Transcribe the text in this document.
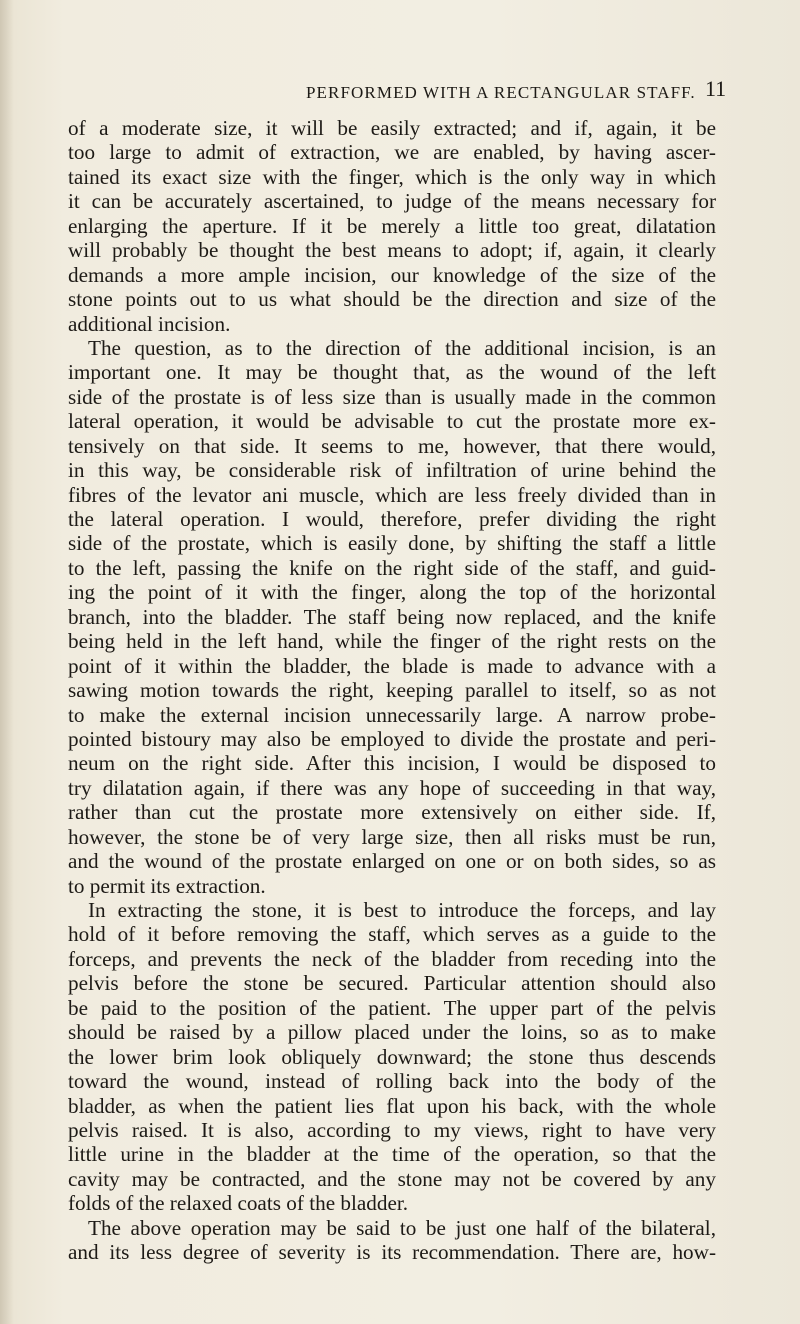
PERFORMED WITH A RECTANGULAR STAFF. 11
of a moderate size, it will be easily extracted; and if, again, it be
too large to admit of extraction, we are enabled, by having ascer-
tained its exact size with the finger, which is the only way in which
it can be accurately ascertained, to judge of the means necessary for
enlarging the aperture. If it be merely a little too great, dilatation
will probably be thought the best means to adopt; if, again, it clearly
demands a more ample incision, our knowledge of the size of the
stone points out to us what should be the direction and size of the
additional incision.
The question, as to the direction of the additional incision, is an
important one. It may be thought that, as the wound of the left
side of the prostate is of less size than is usually made in the common
lateral operation, it would be advisable to cut the prostate more ex-
tensively on that side. It seems to me, however, that there would,
in this way, be considerable risk of infiltration of urine behind the
fibres of the levator ani muscle, which are less freely divided than in
the lateral operation. I would, therefore, prefer dividing the right
side of the prostate, which is easily done, by shifting the staff a little
to the left, passing the knife on the right side of the staff, and guid-
ing the point of it with the finger, along the top of the horizontal
branch, into the bladder. The staff being now replaced, and the knife
being held in the left hand, while the finger of the right rests on the
point of it within the bladder, the blade is made to advance with a
sawing motion towards the right, keeping parallel to itself, so as not
to make the external incision unnecessarily large. A narrow probe-
pointed bistoury may also be employed to divide the prostate and peri-
neum on the right side. After this incision, I would be disposed to
try dilatation again, if there was any hope of succeeding in that way,
rather than cut the prostate more extensively on either side. If,
however, the stone be of very large size, then all risks must be run,
and the wound of the prostate enlarged on one or on both sides, so as
to permit its extraction.
In extracting the stone, it is best to introduce the forceps, and lay
hold of it before removing the staff, which serves as a guide to the
forceps, and prevents the neck of the bladder from receding into the
pelvis before the stone be secured. Particular attention should also
be paid to the position of the patient. The upper part of the pelvis
should be raised by a pillow placed under the loins, so as to make
the lower brim look obliquely downward; the stone thus descends
toward the wound, instead of rolling back into the body of the
bladder, as when the patient lies flat upon his back, with the whole
pelvis raised. It is also, according to my views, right to have very
little urine in the bladder at the time of the operation, so that the
cavity may be contracted, and the stone may not be covered by any
folds of the relaxed coats of the bladder.
The above operation may be said to be just one half of the bilateral,
and its less degree of severity is its recommendation. There are, how-
